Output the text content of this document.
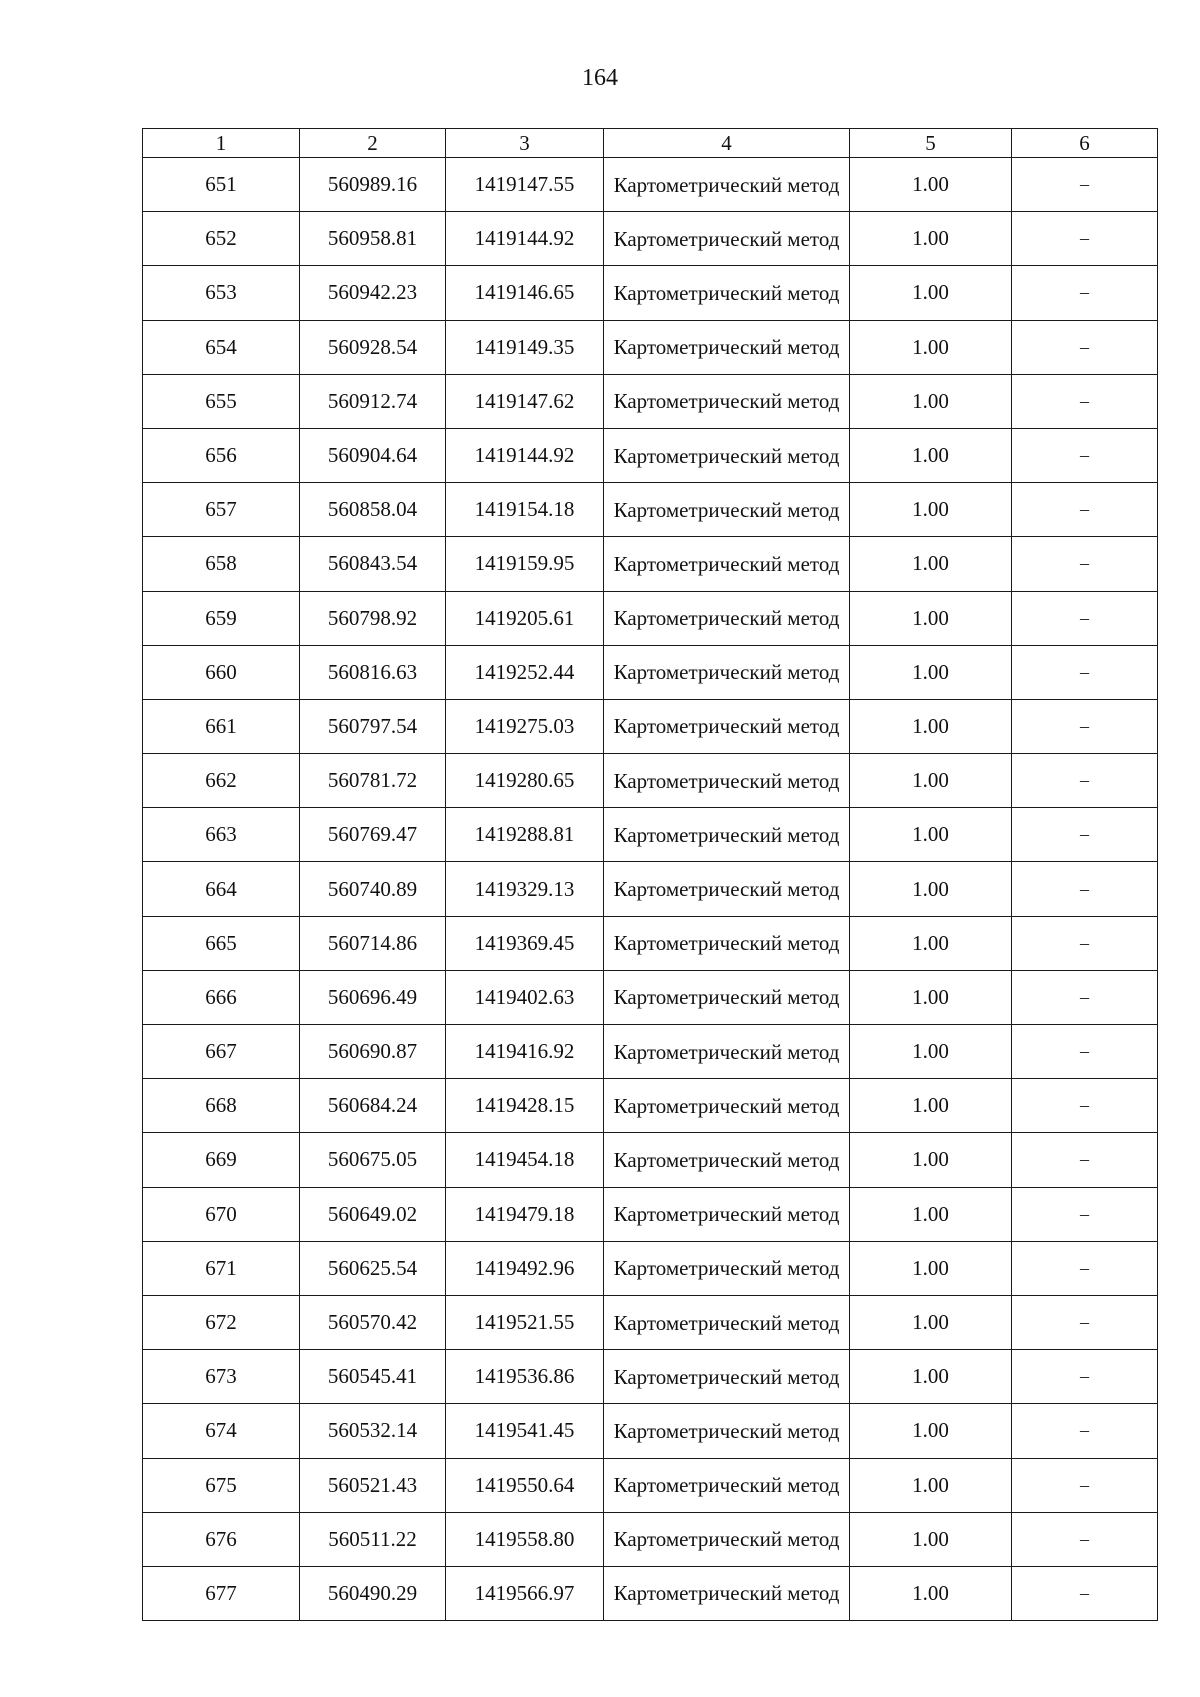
164
1	2	3	4	5	6
651	560989.16	1419147.55	Картометрический метод	1.00	–
652	560958.81	1419144.92	Картометрический метод	1.00	–
653	560942.23	1419146.65	Картометрический метод	1.00	–
654	560928.54	1419149.35	Картометрический метод	1.00	–
655	560912.74	1419147.62	Картометрический метод	1.00	–
656	560904.64	1419144.92	Картометрический метод	1.00	–
657	560858.04	1419154.18	Картометрический метод	1.00	–
658	560843.54	1419159.95	Картометрический метод	1.00	–
659	560798.92	1419205.61	Картометрический метод	1.00	–
660	560816.63	1419252.44	Картометрический метод	1.00	–
661	560797.54	1419275.03	Картометрический метод	1.00	–
662	560781.72	1419280.65	Картометрический метод	1.00	–
663	560769.47	1419288.81	Картометрический метод	1.00	–
664	560740.89	1419329.13	Картометрический метод	1.00	–
665	560714.86	1419369.45	Картометрический метод	1.00	–
666	560696.49	1419402.63	Картометрический метод	1.00	–
667	560690.87	1419416.92	Картометрический метод	1.00	–
668	560684.24	1419428.15	Картометрический метод	1.00	–
669	560675.05	1419454.18	Картометрический метод	1.00	–
670	560649.02	1419479.18	Картометрический метод	1.00	–
671	560625.54	1419492.96	Картометрический метод	1.00	–
672	560570.42	1419521.55	Картометрический метод	1.00	–
673	560545.41	1419536.86	Картометрический метод	1.00	–
674	560532.14	1419541.45	Картометрический метод	1.00	–
675	560521.43	1419550.64	Картометрический метод	1.00	–
676	560511.22	1419558.80	Картометрический метод	1.00	–
677	560490.29	1419566.97	Картометрический метод	1.00	–
